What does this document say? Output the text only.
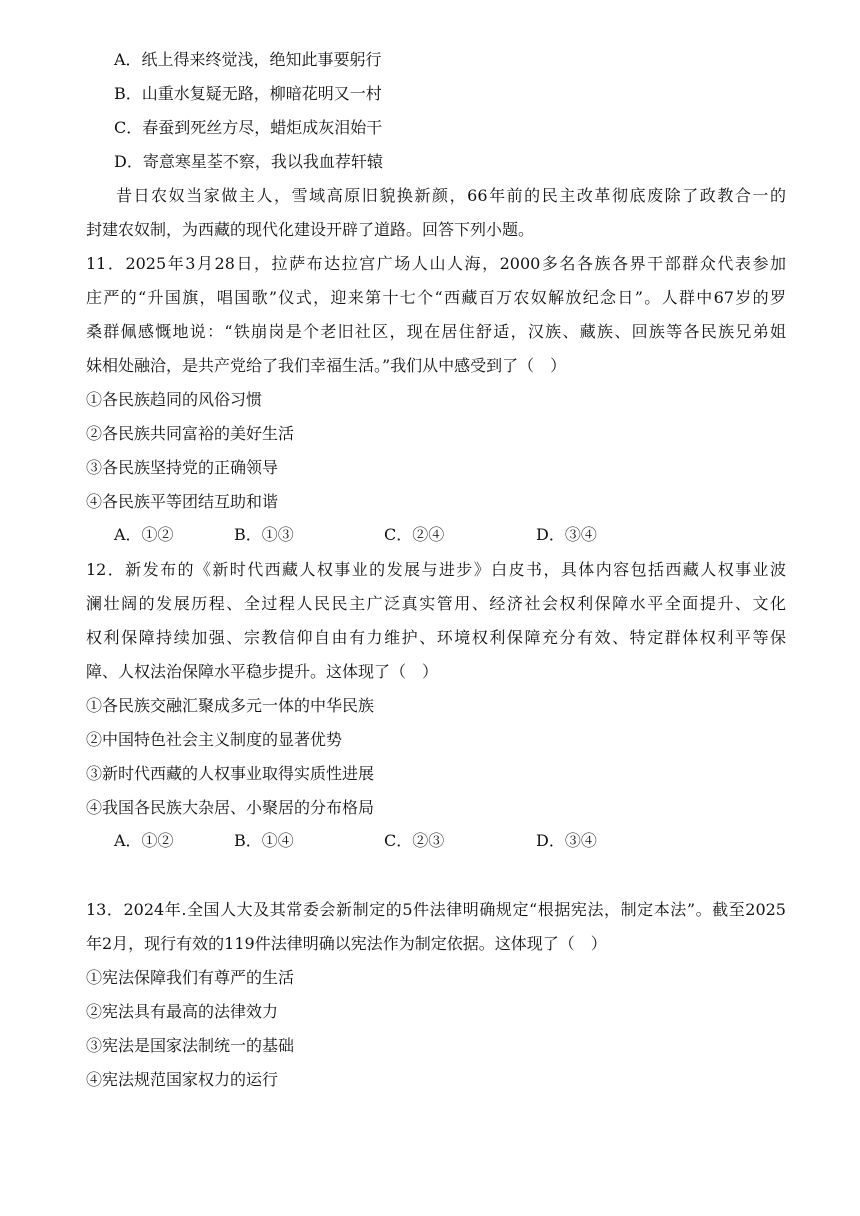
A．纸上得来终觉浅，绝知此事要躬行
B．山重水复疑无路，柳暗花明又一村
C．春蚕到死丝方尽，蜡炬成灰泪始干
D．寄意寒星荃不察，我以我血荐轩辕
昔日农奴当家做主人，雪域高原旧貌换新颜，66年前的民主改革彻底废除了政教合一的
封建农奴制，为西藏的现代化建设开辟了道路。回答下列小题。
11．2025年3月28日，拉萨布达拉宫广场人山人海，2000多名各族各界干部群众代表参加
庄严的“升国旗，唱国歌”仪式，迎来第十七个“西藏百万农奴解放纪念日”。人群中67岁的罗
桑群佩感慨地说：“铁崩岗是个老旧社区，现在居住舒适，汉族、藏族、回族等各民族兄弟姐
妹相处融洽，是共产党给了我们幸福生活。”我们从中感受到了（　）
①各民族趋同的风俗习惯
②各民族共同富裕的美好生活
③各民族坚持党的正确领导
④各民族平等团结互助和谐
A．①②	B．①③	C．②④	D．③④
12．新发布的《新时代西藏人权事业的发展与进步》白皮书，具体内容包括西藏人权事业波
澜壮阔的发展历程、全过程人民民主广泛真实管用、经济社会权利保障水平全面提升、文化
权利保障持续加强、宗教信仰自由有力维护、环境权利保障充分有效、特定群体权利平等保
障、人权法治保障水平稳步提升。这体现了（　）
①各民族交融汇聚成多元一体的中华民族
②中国特色社会主义制度的显著优势
③新时代西藏的人权事业取得实质性进展
④我国各民族大杂居、小聚居的分布格局
A．①②	B．①④	C．②③	D．③④
13．2024年.全国人大及其常委会新制定的5件法律明确规定“根据宪法，制定本法”。截至2025
年2月，现行有效的119件法律明确以宪法作为制定依据。这体现了（　）
①宪法保障我们有尊严的生活
②宪法具有最高的法律效力
③宪法是国家法制统一的基础
④宪法规范国家权力的运行
